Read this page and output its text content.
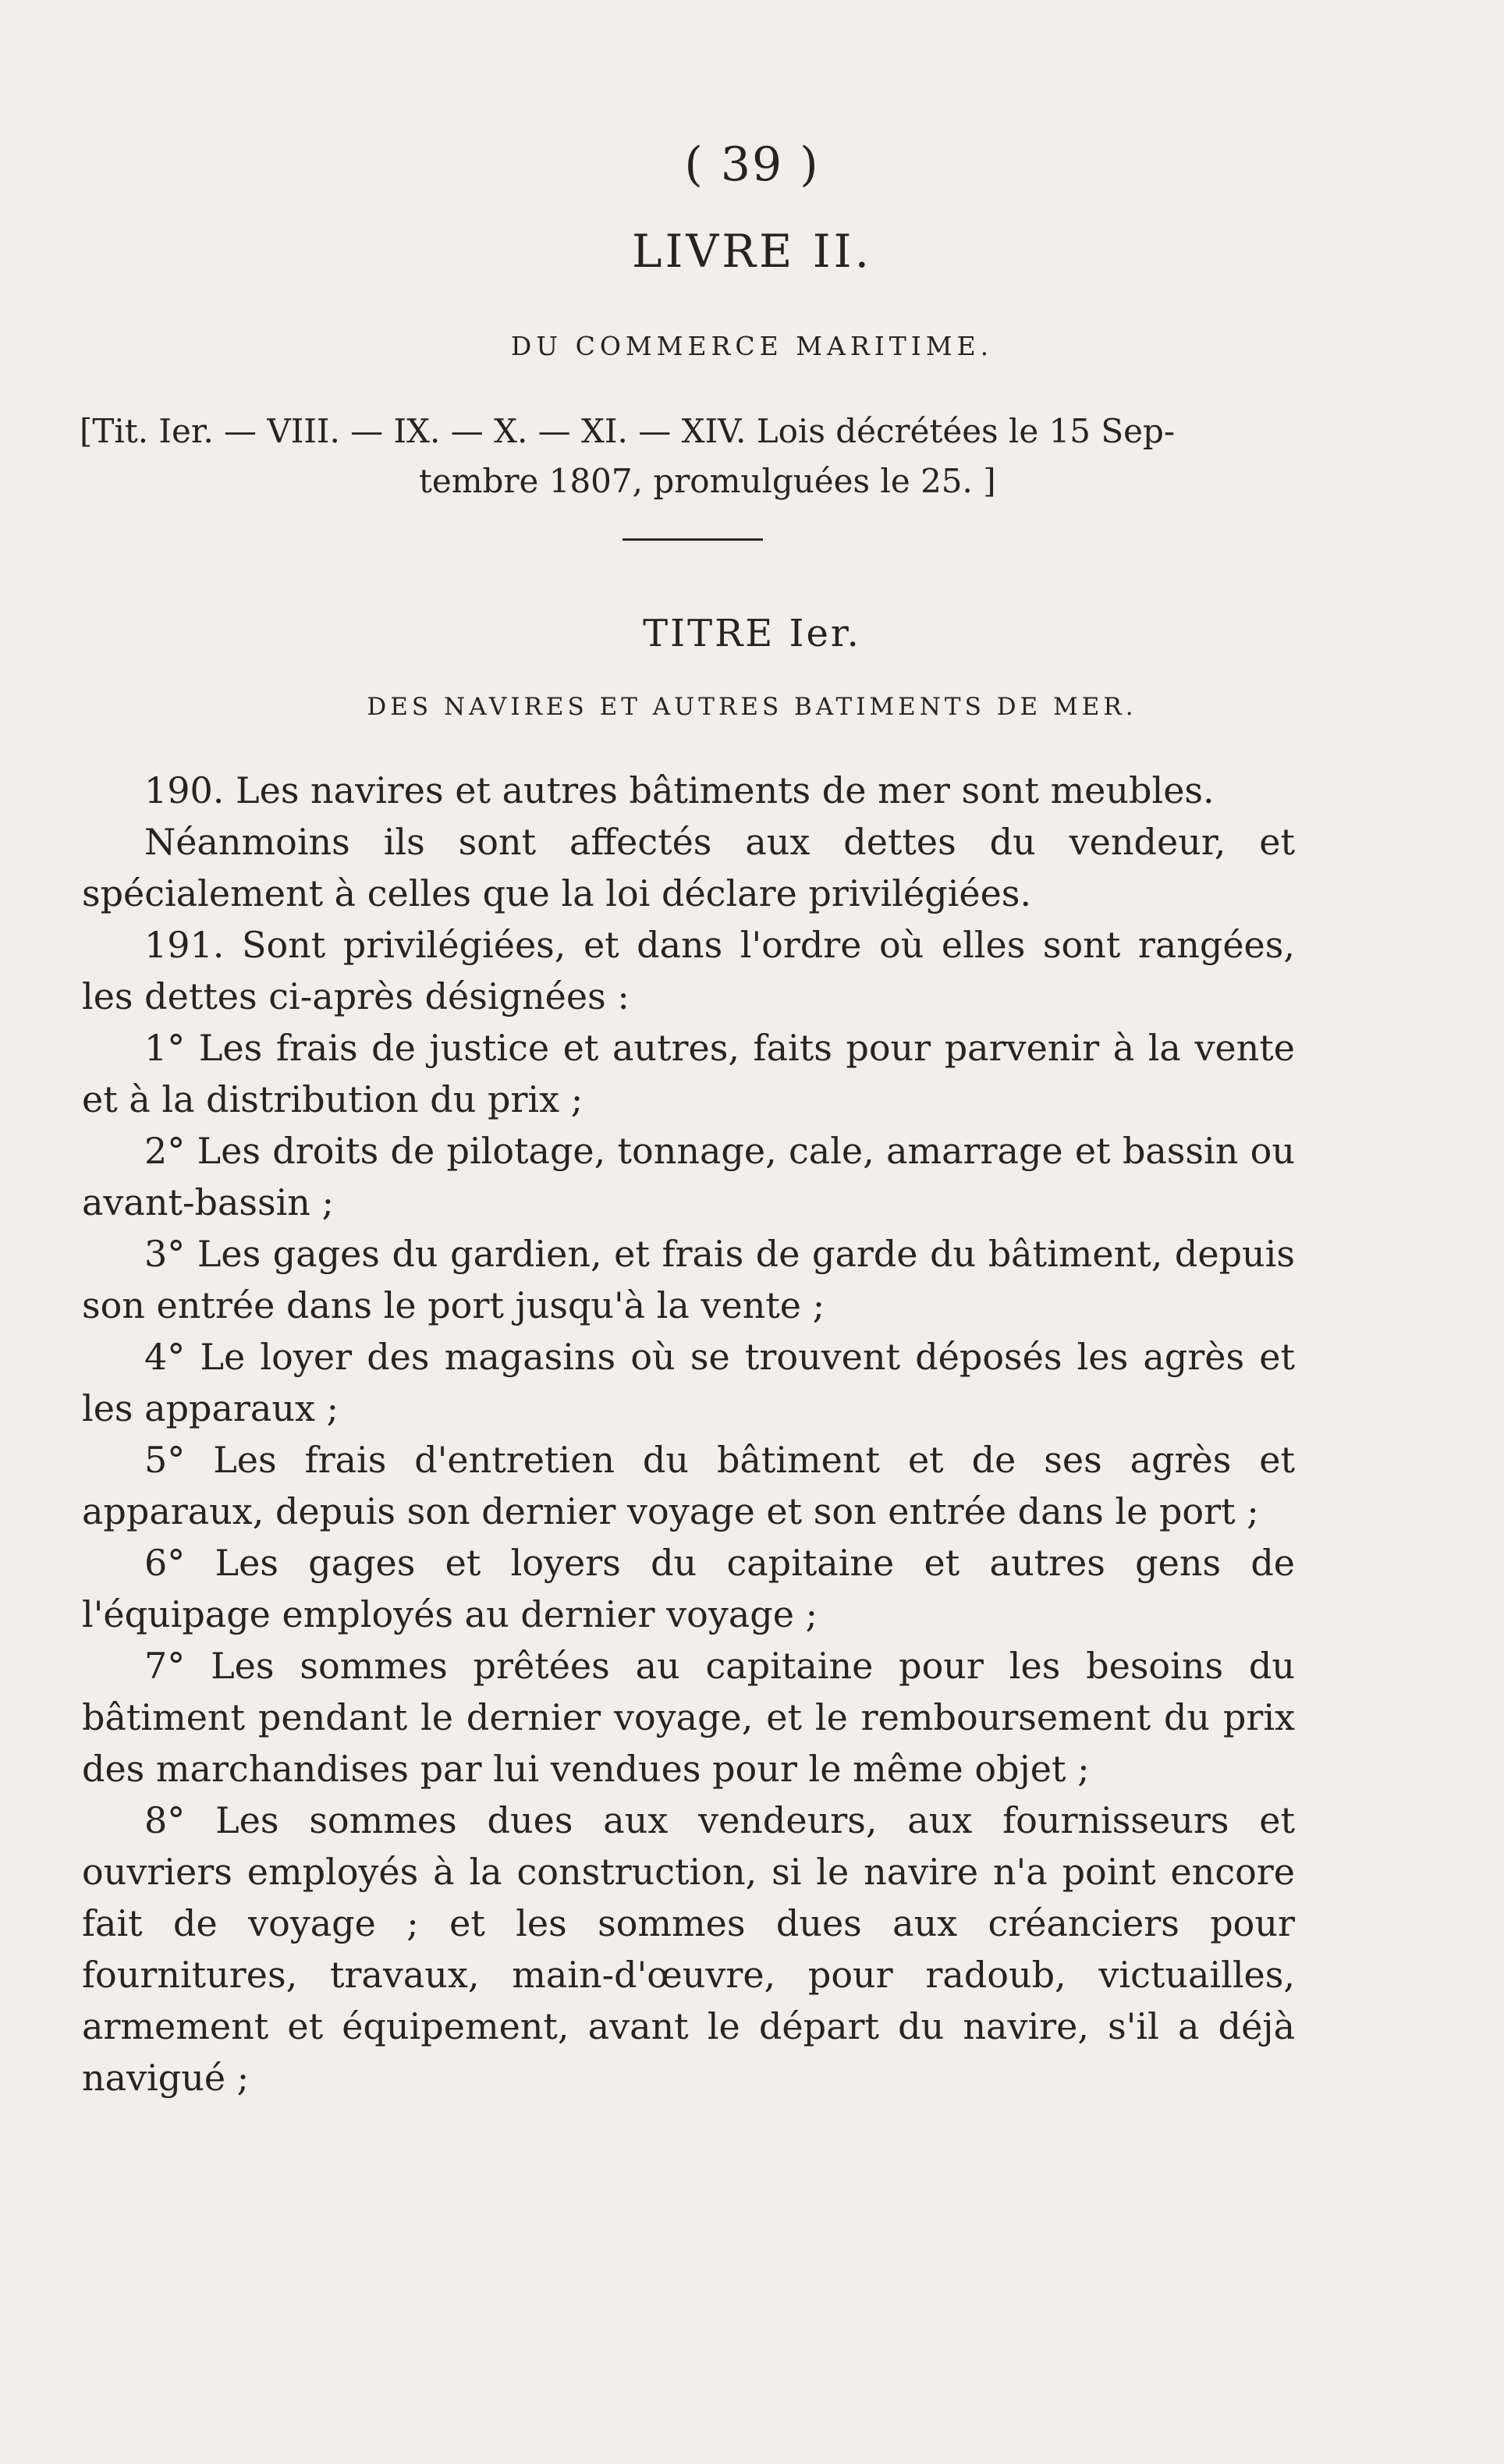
( 39 )
LIVRE II.
DU COMMERCE MARITIME.
[Tit. Ier. — VIII. — IX. — X. — XI. — XIV. Lois décrétées le 15 Sep-
tembre 1807, promulguées le 25. ]
TITRE Ier.
DES NAVIRES ET AUTRES BATIMENTS DE MER.

190. Les navires et autres bâtiments de mer sont meubles.

Néanmoins ils sont affectés aux dettes du vendeur, et spécialement à celles que la loi déclare privilégiées.

191. Sont privilégiées, et dans l'ordre où elles sont rangées, les dettes ci-après désignées :

1° Les frais de justice et autres, faits pour parvenir à la vente et à la distribution du prix ;

2° Les droits de pilotage, tonnage, cale, amarrage et bassin ou avant-bassin ;

3° Les gages du gardien, et frais de garde du bâtiment, depuis son entrée dans le port jusqu'à la vente ;

4° Le loyer des magasins où se trouvent déposés les agrès et les apparaux ;

5° Les frais d'entretien du bâtiment et de ses agrès et apparaux, depuis son dernier voyage et son entrée dans le port ;

6° Les gages et loyers du capitaine et autres gens de l'équipage employés au dernier voyage ;

7° Les sommes prêtées au capitaine pour les besoins du bâtiment pendant le dernier voyage, et le remboursement du prix des marchandises par lui vendues pour le même objet ;

8° Les sommes dues aux vendeurs, aux fournisseurs et ouvriers employés à la construction, si le navire n'a point encore fait de voyage ; et les sommes dues aux créanciers pour fournitures, travaux, main-d'œuvre, pour radoub, victuailles, armement et équipement, avant le départ du navire, s'il a déjà navigué ;
